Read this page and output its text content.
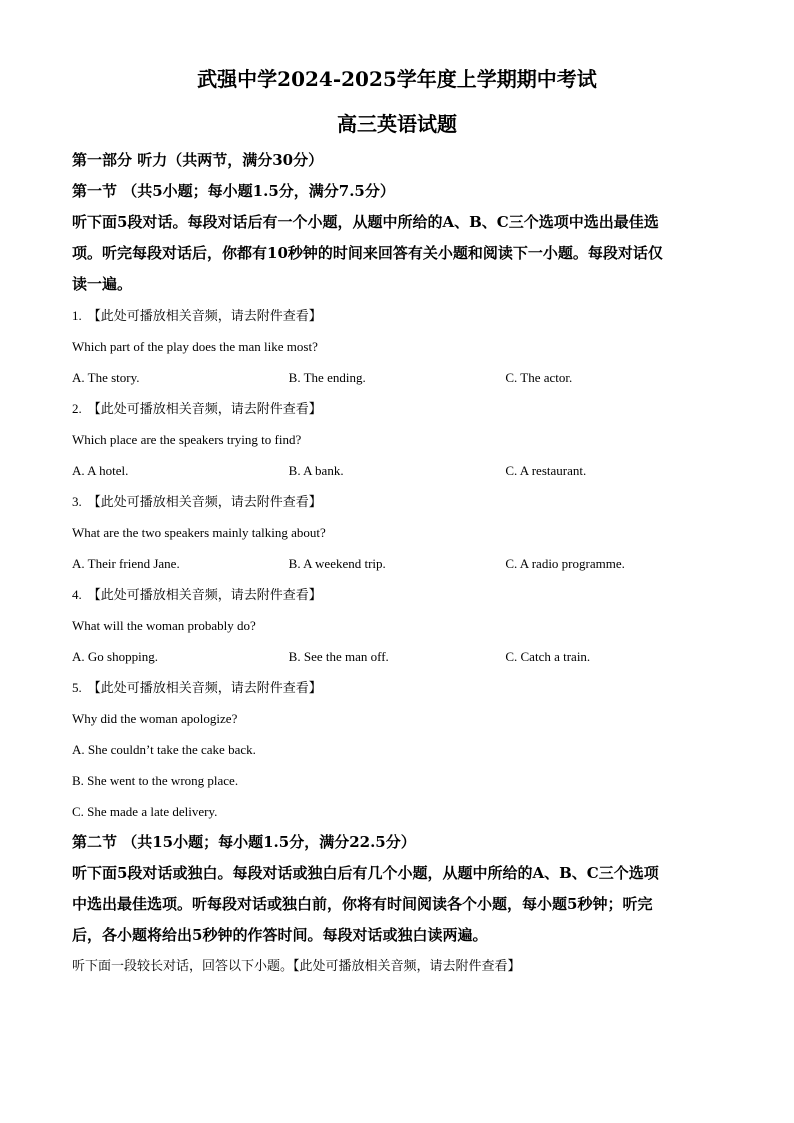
武强中学2024-2025学年度上学期期中考试

高三英语试题

第一部分 听力（共两节，满分30分）

第一节 （共5小题；每小题1.5分，满分7.5分）

听下面5段对话。每段对话后有一个小题，从题中所给的A、B、C三个选项中选出最佳选

项。听完每段对话后，你都有10秒钟的时间来回答有关小题和阅读下一小题。每段对话仅

读一遍。

1. 【此处可播放相关音频，请去附件查看】

Which part of the play does the man like most?

A. The story.	B. The ending.	C. The actor.

2. 【此处可播放相关音频，请去附件查看】

Which place are the speakers trying to find?

A. A hotel.	B. A bank.	C. A restaurant.

3. 【此处可播放相关音频，请去附件查看】

What are the two speakers mainly talking about?

A. Their friend Jane.	B. A weekend trip.	C. A radio programme.

4. 【此处可播放相关音频，请去附件查看】

What will the woman probably do?

A. Go shopping.	B. See the man off.	C. Catch a train.

5. 【此处可播放相关音频，请去附件查看】

Why did the woman apologize?

A. She couldn’t take the cake back.

B. She went to the wrong place.

C. She made a late delivery.

第二节 （共15小题；每小题1.5分，满分22.5分）

听下面5段对话或独白。每段对话或独白后有几个小题，从题中所给的A、B、C三个选项

中选出最佳选项。听每段对话或独白前，你将有时间阅读各个小题，每小题5秒钟；听完

后，各小题将给出5秒钟的作答时间。每段对话或独白读两遍。

听下面一段较长对话，回答以下小题。【此处可播放相关音频，请去附件查看】
